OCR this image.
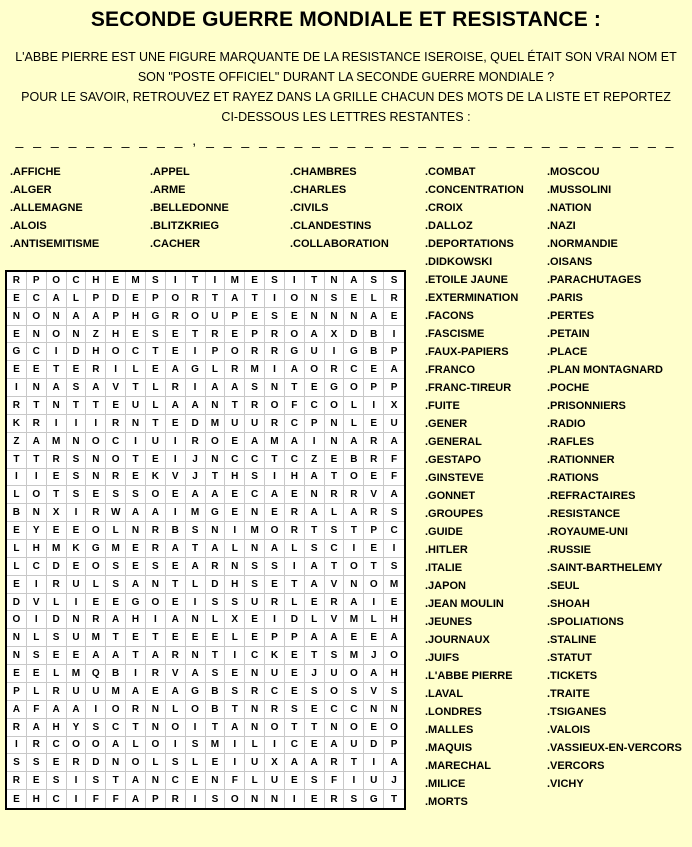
SECONDE GUERRE MONDIALE ET RESISTANCE :
L'ABBE PIERRE EST UNE FIGURE MARQUANTE DE LA RESISTANCE ISEROISE, QUEL ÉTAIT SON VRAI NOM ET
SON "POSTE OFFICIEL" DURANT LA SECONDE GUERRE MONDIALE ?
POUR LE SAVOIR, RETROUVEZ ET RAYEZ DANS LA GRILLE CHACUN DES MOTS DE LA LISTE ET REPORTEZ
CI-DESSOUS LES LETTRES RESTANTES :
_ _ _ _ _ _ _ _ _ _ , _ _ _ _ _ _ _ _ _ _ _ _ _ _ _ _ _ _ _ _ _ _ _ _ _ _ _
.AFFICHE
.ALGER
.ALLEMAGNE
.ALOIS
.ANTISEMITISME
.APPEL
.ARME
.BELLEDONNE
.BLITZKRIEG
.CACHER
.CHAMBRES
.CHARLES
.CIVILS
.CLANDESTINS
.COLLABORATION
.COMBAT
.CONCENTRATION
.CROIX
.DALLOZ
.DEPORTATIONS
.DIDKOWSKI
.ETOILE JAUNE
.EXTERMINATION
.FACONS
.FASCISME
.FAUX-PAPIERS
.FRANCO
.FRANC-TIREUR
.FUITE
.GENER
.GENERAL
.GESTAPO
.GINSTEVE
.GONNET
.GROUPES
.GUIDE
.HITLER
.ITALIE
.JAPON
.JEAN MOULIN
.JEUNES
.JOURNAUX
.JUIFS
.L'ABBE PIERRE
.LAVAL
.LONDRES
.MALLES
.MAQUIS
.MARECHAL
.MILICE
.MORTS
.MOSCOU
.MUSSOLINI
.NATION
.NAZI
.NORMANDIE
.OISANS
.PARACHUTAGES
.PARIS
.PERTES
.PETAIN
.PLACE
.PLAN MONTAGNARD
.POCHE
.PRISONNIERS
.RADIO
.RAFLES
.RATIONNER
.RATIONS
.REFRACTAIRES
.RESISTANCE
.ROYAUME-UNI
.RUSSIE
.SAINT-BARTHELEMY
.SEUL
.SHOAH
.SPOLIATIONS
.STALINE
.STATUT
.TICKETS
.TRAITE
.TSIGANES
.VALOIS
.VASSIEUX-EN-VERCORS
.VERCORS
.VICHY
R	P	O	C	H	E	M	S	I	T	I	M	E	S	I	T	N	A	S	S
E	C	A	L	P	D	E	P	O	R	T	A	T	I	O	N	S	E	L	R
N	O	N	A	A	P	H	G	R	O	U	P	E	S	E	N	N	N	A	E
E	N	O	N	Z	H	E	S	E	T	R	E	P	R	O	A	X	D	B	I
G	C	I	D	H	O	C	T	E	I	P	O	R	R	G	U	I	G	B	P
E	E	T	E	R	I	L	E	A	G	L	R	M	I	A	O	R	C	E	A
I	N	A	S	A	V	T	L	R	I	A	A	S	N	T	E	G	O	P	P
R	T	N	T	T	E	U	L	A	A	N	T	R	O	F	C	O	L	I	X
K	R	I	I	I	R	N	T	E	D	M	U	U	R	C	P	N	L	E	U
Z	A	M	N	O	C	I	U	I	R	O	E	A	M	A	I	N	A	R	A
T	T	R	S	N	O	T	E	I	J	N	C	C	T	C	Z	E	B	R	F
I	I	E	S	N	R	E	K	V	J	T	H	S	I	H	A	T	O	E	F
L	O	T	S	E	S	S	O	E	A	A	E	C	A	E	N	R	R	V	A
B	N	X	I	R	W	A	A	I	M	G	E	N	E	R	A	L	A	R	S
E	Y	E	E	O	L	N	R	B	S	N	I	M	O	R	T	S	T	P	C
L	H	M	K	G	M	E	R	A	T	A	L	N	A	L	S	C	I	E	I
L	C	D	E	O	S	E	S	E	A	R	N	S	S	I	A	T	O	T	S
E	I	R	U	L	S	A	N	T	L	D	H	S	E	T	A	V	N	O	M
D	V	L	I	E	E	G	O	E	I	S	S	U	R	L	E	R	A	I	E
O	I	D	N	R	A	H	I	A	N	L	X	E	I	D	L	V	M	L	H
N	L	S	U	M	T	E	T	E	E	E	L	E	P	P	A	A	E	E	A
N	S	E	E	A	A	T	A	R	N	T	I	C	K	E	T	S	M	J	O
E	E	L	M	Q	B	I	R	V	A	S	E	N	U	E	J	U	O	A	H
P	L	R	U	U	M	A	E	A	G	B	S	R	C	E	S	O	S	V	S
A	F	A	A	I	O	R	N	L	O	B	T	N	R	S	E	C	C	N	N
R	A	H	Y	S	C	T	N	O	I	T	A	N	O	T	T	N	O	E	O
I	R	C	O	O	A	L	O	I	S	M	I	L	I	C	E	A	U	D	P
S	S	E	R	D	N	O	L	S	L	E	I	U	X	A	A	R	T	I	A
R	E	S	I	S	T	A	N	C	E	N	F	L	U	E	S	F	I	U	J
E	H	C	I	F	F	A	P	R	I	S	O	N	N	I	E	R	S	G	T
